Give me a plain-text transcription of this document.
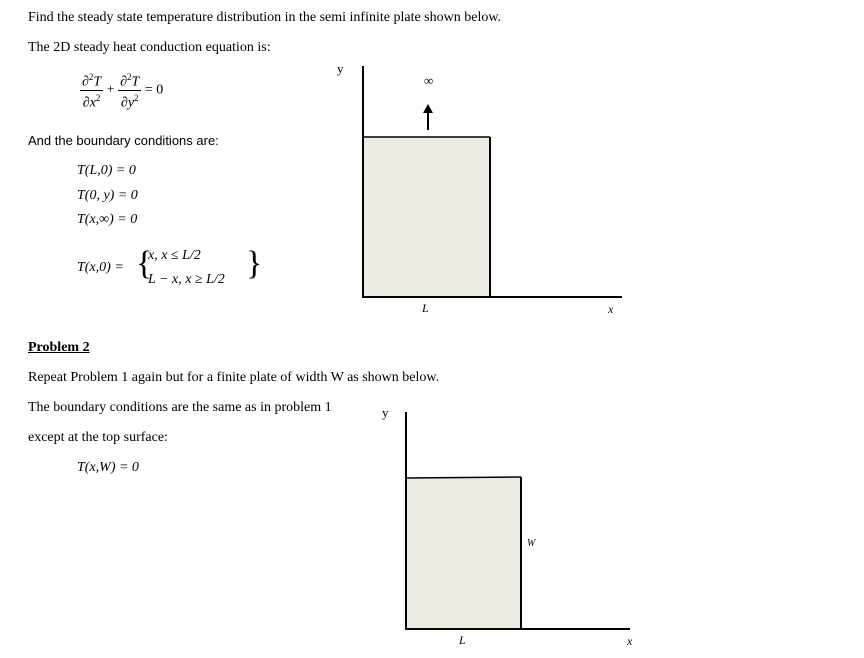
Find the steady state temperature distribution in the semi infinite plate shown below.
The 2D steady heat conduction equation is:
$\frac{\partial^2T}{\partial x^2} + \frac{\partial^2T}{\partial y^2} = 0$
And the boundary conditions are:
T(L,0) = 0
T(0, y) = 0
T(x,∞) = 0
T(x,0) = {
x, x ≤ L/2
L − x, x ≥ L/2 }
y
∞
L	x
Problem 2
Repeat Problem 1 again but for a finite plate of width W as shown below.
The boundary conditions are the same as in problem 1
except at the top surface:
T(x,W) = 0
y
W
L	x
